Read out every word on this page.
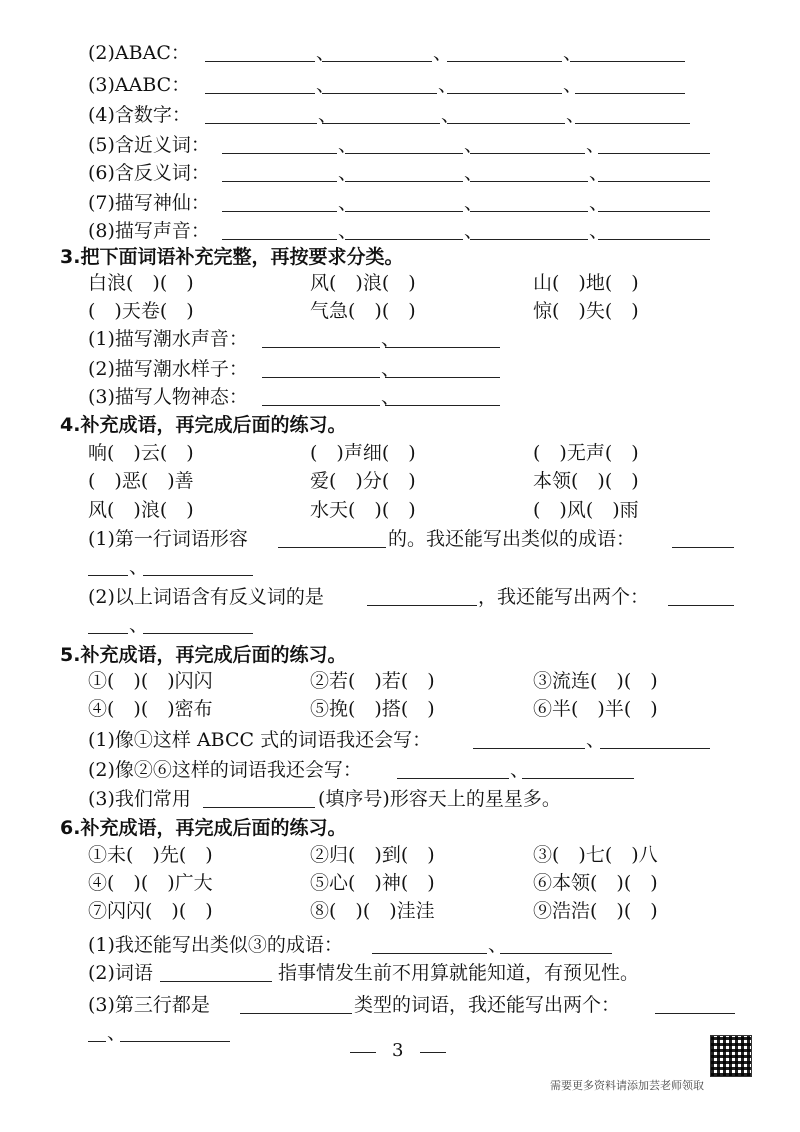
(2)ABAC：	、	、	、
(3)AABC：	、	、	、
(4)含数字：	、	、	、
(5)含近义词：	、	、	、
(6)含反义词：	、	、	、
(7)描写神仙：	、	、	、
(8)描写声音：	、	、	、
3.把下面词语补充完整，再按要求分类。
白浪(　)(　)	风(　)浪(　)	山(　)地(　)
(　)天卷(　)	气急(　)(　)	惊(　)失(　)
(1)描写潮水声音：	、
(2)描写潮水样子：	、
(3)描写人物神态：	、
4.补充成语，再完成后面的练习。
响(　)云(　)	(　)声细(　)	(　)无声(　)
(　)恶(　)善	爱(　)分(　)	本领(　)(　)
风(　)浪(　)	水天(　)(　)	(　)风(　)雨
(1)第一行词语形容	的。我还能写出类似的成语：
、
(2)以上词语含有反义词的是	，我还能写出两个：
、
5.补充成语，再完成后面的练习。
①(　)(　)闪闪	②若(　)若(　)	③流连(　)(　)
④(　)(　)密布	⑤挽(　)搭(　)	⑥半(　)半(　)
(1)像①这样 ABCC 式的词语我还会写：	、
(2)像②⑥这样的词语我还会写：	、
(3)我们常用	(填序号)形容天上的星星多。
6.补充成语，再完成后面的练习。
①未(　)先(　)	②归(　)到(　)	③(　)七(　)八
④(　)(　)广大	⑤心(　)神(　)	⑥本领(　)(　)
⑦闪闪(　)(　)	⑧(　)(　)洼洼	⑨浩浩(　)(　)
(1)我还能写出类似③的成语：	、
(2)词语	指事情发生前不用算就能知道，有预见性。
(3)第三行都是	类型的词语，我还能写出两个：
、
3
需要更多资料请添加芸老师领取
